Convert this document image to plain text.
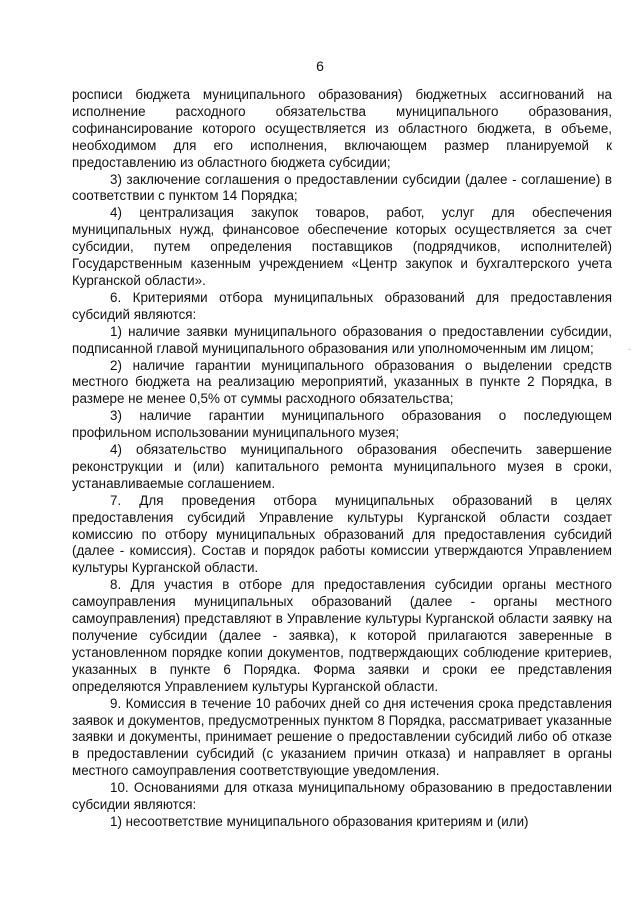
6
-

росписи бюджета муниципального образования) бюджетных ассигнований на исполнение расходного обязательства муниципального образования, софинансирование которого осуществляется из областного бюджета, в объеме, необходимом для его исполнения, включающем размер планируемой к предоставлению из областного бюджета субсидии;

3) заключение соглашения о предоставлении субсидии (далее - соглашение) в соответствии с пунктом 14 Порядка;

4) централизация закупок товаров, работ, услуг для обеспечения муниципальных нужд, финансовое обеспечение которых осуществляется за счет субсидии, путем определения поставщиков (подрядчиков, исполнителей) Государственным казенным учреждением «Центр закупок и бухгалтерского учета Курганской области».

6. Критериями отбора муниципальных образований для предоставления субсидий являются:

1) наличие заявки муниципального образования о предоставлении субсидии, подписанной главой муниципального образования или уполномоченным им лицом;

2) наличие гарантии муниципального образования о выделении средств местного бюджета на реализацию мероприятий, указанных в пункте 2 Порядка, в размере не менее 0,5% от суммы расходного обязательства;

3) наличие гарантии муниципального образования о последующем профильном использовании муниципального музея;

4) обязательство муниципального образования обеспечить завершение реконструкции и (или) капитального ремонта муниципального музея в сроки, устанавливаемые соглашением.

7. Для проведения отбора муниципальных образований в целях предоставления субсидий Управление культуры Курганской области создает комиссию по отбору муниципальных образований для предоставления субсидий (далее - комиссия). Состав и порядок работы комиссии утверждаются Управлением культуры Курганской области.

8. Для участия в отборе для предоставления субсидии органы местного самоуправления муниципальных образований (далее - органы местного самоуправления) представляют в Управление культуры Курганской области заявку на получение субсидии (далее - заявка), к которой прилагаются заверенные в установленном порядке копии документов, подтверждающих соблюдение критериев, указанных в пункте 6 Порядка. Форма заявки и сроки ее представления определяются Управлением культуры Курганской области.

9. Комиссия в течение 10 рабочих дней со дня истечения срока представления заявок и документов, предусмотренных пунктом 8 Порядка, рассматривает указанные заявки и документы, принимает решение о предоставлении субсидий либо об отказе в предоставлении субсидий (с указанием причин отказа) и направляет в органы местного самоуправления соответствующие уведомления.

10. Основаниями для отказа муниципальному образованию в предоставлении субсидии являются:

1) несоответствие муниципального образования критериям и (или)
